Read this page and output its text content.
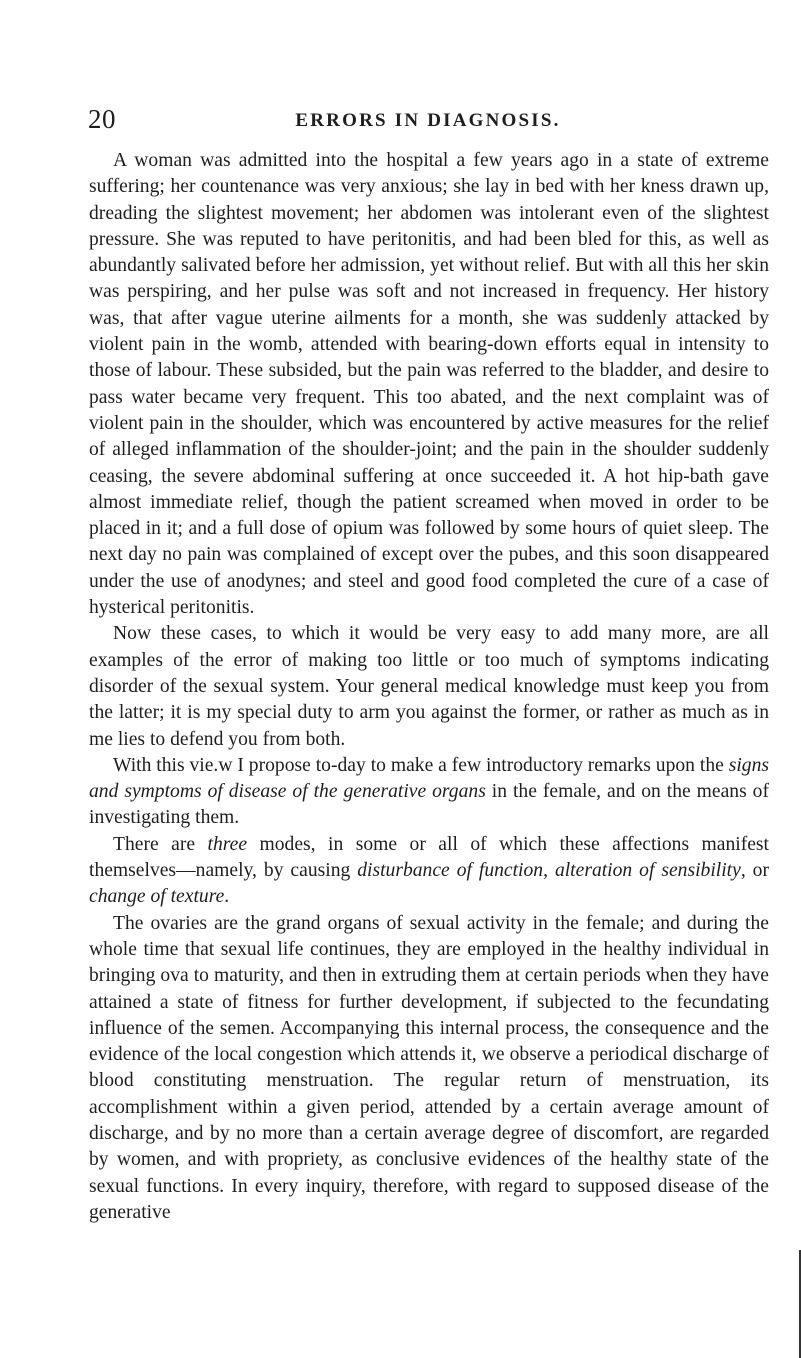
20	ERRORS IN DIAGNOSIS.

A woman was admitted into the hospital a few years ago in a state of extreme suffering; her countenance was very anxious; she lay in bed with her kness drawn up, dreading the slightest movement; her abdomen was intolerant even of the slightest pressure. She was reputed to have peritonitis, and had been bled for this, as well as abundantly salivated before her admission, yet without relief. But with all this her skin was perspiring, and her pulse was soft and not increased in frequency. Her history was, that after vague uterine ailments for a month, she was suddenly attacked by violent pain in the womb, attended with bearing-down efforts equal in intensity to those of labour. These subsided, but the pain was referred to the bladder, and desire to pass water became very frequent. This too abated, and the next complaint was of violent pain in the shoulder, which was encountered by active measures for the relief of alleged inflammation of the shoulder-joint; and the pain in the shoulder suddenly ceasing, the severe abdominal suffering at once succeeded it. A hot hip-bath gave almost immediate relief, though the patient screamed when moved in order to be placed in it; and a full dose of opium was followed by some hours of quiet sleep. The next day no pain was complained of except over the pubes, and this soon disappeared under the use of anodynes; and steel and good food completed the cure of a case of hysterical peritonitis.

Now these cases, to which it would be very easy to add many more, are all examples of the error of making too little or too much of symptoms indicating disorder of the sexual system. Your general medical knowledge must keep you from the latter; it is my special duty to arm you against the former, or rather as much as in me lies to defend you from both.

With this vie.w I propose to-day to make a few introductory remarks upon the signs and symptoms of disease of the generative organs in the female, and on the means of investigating them.

There are three modes, in some or all of which these affections manifest themselves—namely, by causing disturbance of function, alteration of sensibility, or change of texture.

The ovaries are the grand organs of sexual activity in the female; and during the whole time that sexual life continues, they are employed in the healthy individual in bringing ova to maturity, and then in extruding them at certain periods when they have attained a state of fitness for further development, if subjected to the fecundating influence of the semen. Accompanying this internal process, the consequence and the evidence of the local congestion which attends it, we observe a periodical discharge of blood constituting menstruation. The regular return of menstruation, its accomplishment within a given period, attended by a certain average amount of discharge, and by no more than a certain average degree of discomfort, are regarded by women, and with propriety, as conclusive evidences of the healthy state of the sexual functions. In every inquiry, therefore, with regard to supposed disease of the generative
